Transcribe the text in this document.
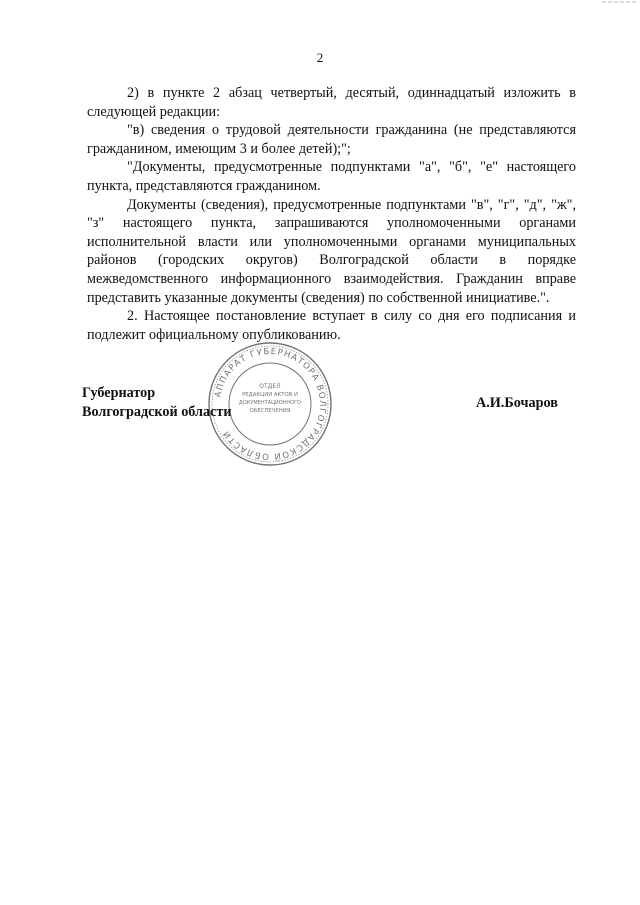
2

2) в пункте 2 абзац четвертый, десятый, одиннадцатый изложить в следующей редакции:

"в) сведения о трудовой деятельности гражданина (не представляются гражданином, имеющим 3 и более детей);";

"Документы, предусмотренные подпунктами "а", "б", "е" настоящего пункта, представляются гражданином.

Документы (сведения), предусмотренные подпунктами "в", "г", "д", "ж", "з" настоящего пункта, запрашиваются уполномоченными органами исполнительной власти или уполномоченными органами муниципальных районов (городских округов) Волгоградской области в порядке межведомственного информационного взаимодействия. Гражданин вправе представить указанные документы (сведения) по собственной инициативе.".

2. Настоящее постановление вступает в силу со дня его подписания и подлежит официальному опубликованию.

АППАРАТ ГУБЕРНАТОРА ВОЛГОГРАДСКОЙ ОБЛАСТИ
ОТДЕЛ
РЕДАКЦИИ АКТОВ И
ДОКУМЕНТАЦИОННОГО
ОБЕСПЕЧЕНИЯ
Губернатор
Волгоградской области
А.И.Бочаров
